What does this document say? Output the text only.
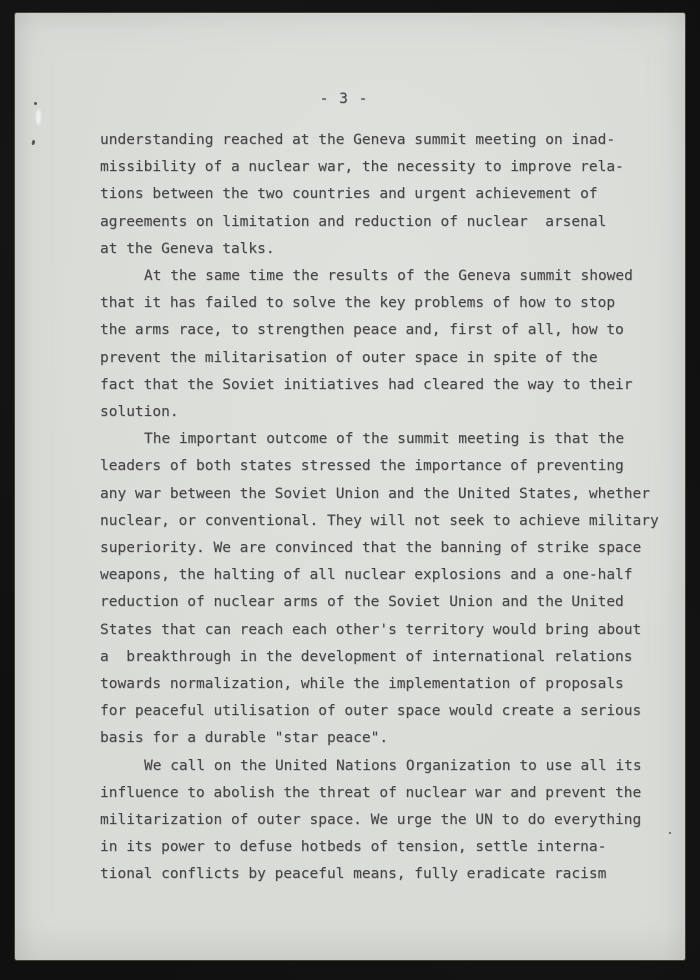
- 3 -
understanding reached at the Geneva summit meeting on inad-
missibility of a nuclear war, the necessity to improve rela-
tions between the two countries and urgent achievement of
agreements on limitation and reduction of nuclear  arsenal
at the Geneva talks.
At the same time the results of the Geneva summit showed
that it has failed to solve the key problems of how to stop
the arms race, to strengthen peace and, first of all, how to
prevent the militarisation of outer space in spite of the
fact that the Soviet initiatives had cleared the way to their
solution.
The important outcome of the summit meeting is that the
leaders of both states stressed the importance of preventing
any war between the Soviet Union and the United States, whether
nuclear, or conventional. They will not seek to achieve military
superiority. We are convinced that the banning of strike space
weapons, the halting of all nuclear explosions and a one-half
reduction of nuclear arms of the Soviet Union and the United
States that can reach each other's territory would bring about
a  breakthrough in the development of international relations
towards normalization, while the implementation of proposals
for peaceful utilisation of outer space would create a serious
basis for a durable "star peace".
We call on the United Nations Organization to use all its
influence to abolish the threat of nuclear war and prevent the
militarization of outer space. We urge the UN to do everything
in its power to defuse hotbeds of tension, settle interna-
tional conflicts by peaceful means, fully eradicate racism
